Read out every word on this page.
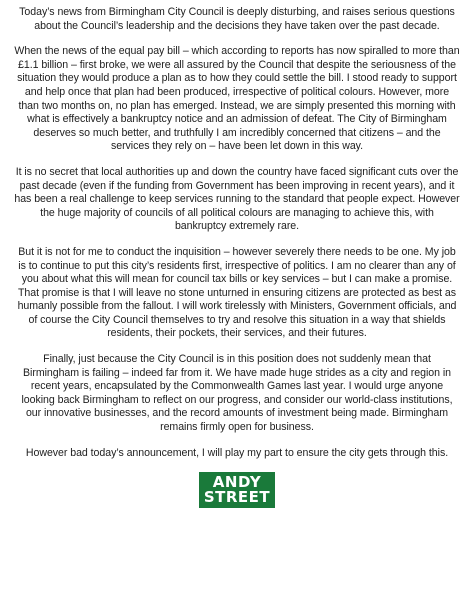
Today’s news from Birmingham City Council is deeply disturbing, and raises serious questions about the Council’s leadership and the decisions they have taken over the past decade.

When the news of the equal pay bill – which according to reports has now spiralled to more than £1.1 billion – first broke, we were all assured by the Council that despite the seriousness of the situation they would produce a plan as to how they could settle the bill. I stood ready to support and help once that plan had been produced, irrespective of political colours. However, more than two months on, no plan has emerged. Instead, we are simply presented this morning with what is effectively a bankruptcy notice and an admission of defeat. The City of Birmingham deserves so much better, and truthfully I am incredibly concerned that citizens – and the services they rely on – have been let down in this way.

It is no secret that local authorities up and down the country have faced significant cuts over the past decade (even if the funding from Government has been improving in recent years), and it has been a real challenge to keep services running to the standard that people expect. However the huge majority of councils of all political colours are managing to achieve this, with bankruptcy extremely rare.

But it is not for me to conduct the inquisition – however severely there needs to be one. My job is to continue to put this city’s residents first, irrespective of politics. I am no clearer than any of you about what this will mean for council tax bills or key services – but I can make a promise. That promise is that I will leave no stone unturned in ensuring citizens are protected as best as humanly possible from the fallout. I will work tirelessly with Ministers, Government officials, and of course the City Council themselves to try and resolve this situation in a way that shields residents, their pockets, their services, and their futures.

Finally, just because the City Council is in this position does not suddenly mean that Birmingham is failing – indeed far from it. We have made huge strides as a city and region in recent years, encapsulated by the Commonwealth Games last year. I would urge anyone looking back Birmingham to reflect on our progress, and consider our world-class institutions, our innovative businesses, and the record amounts of investment being made. Birmingham remains firmly open for business.

However bad today’s announcement, I will play my part to ensure the city gets through this.

ANDY
STREET
